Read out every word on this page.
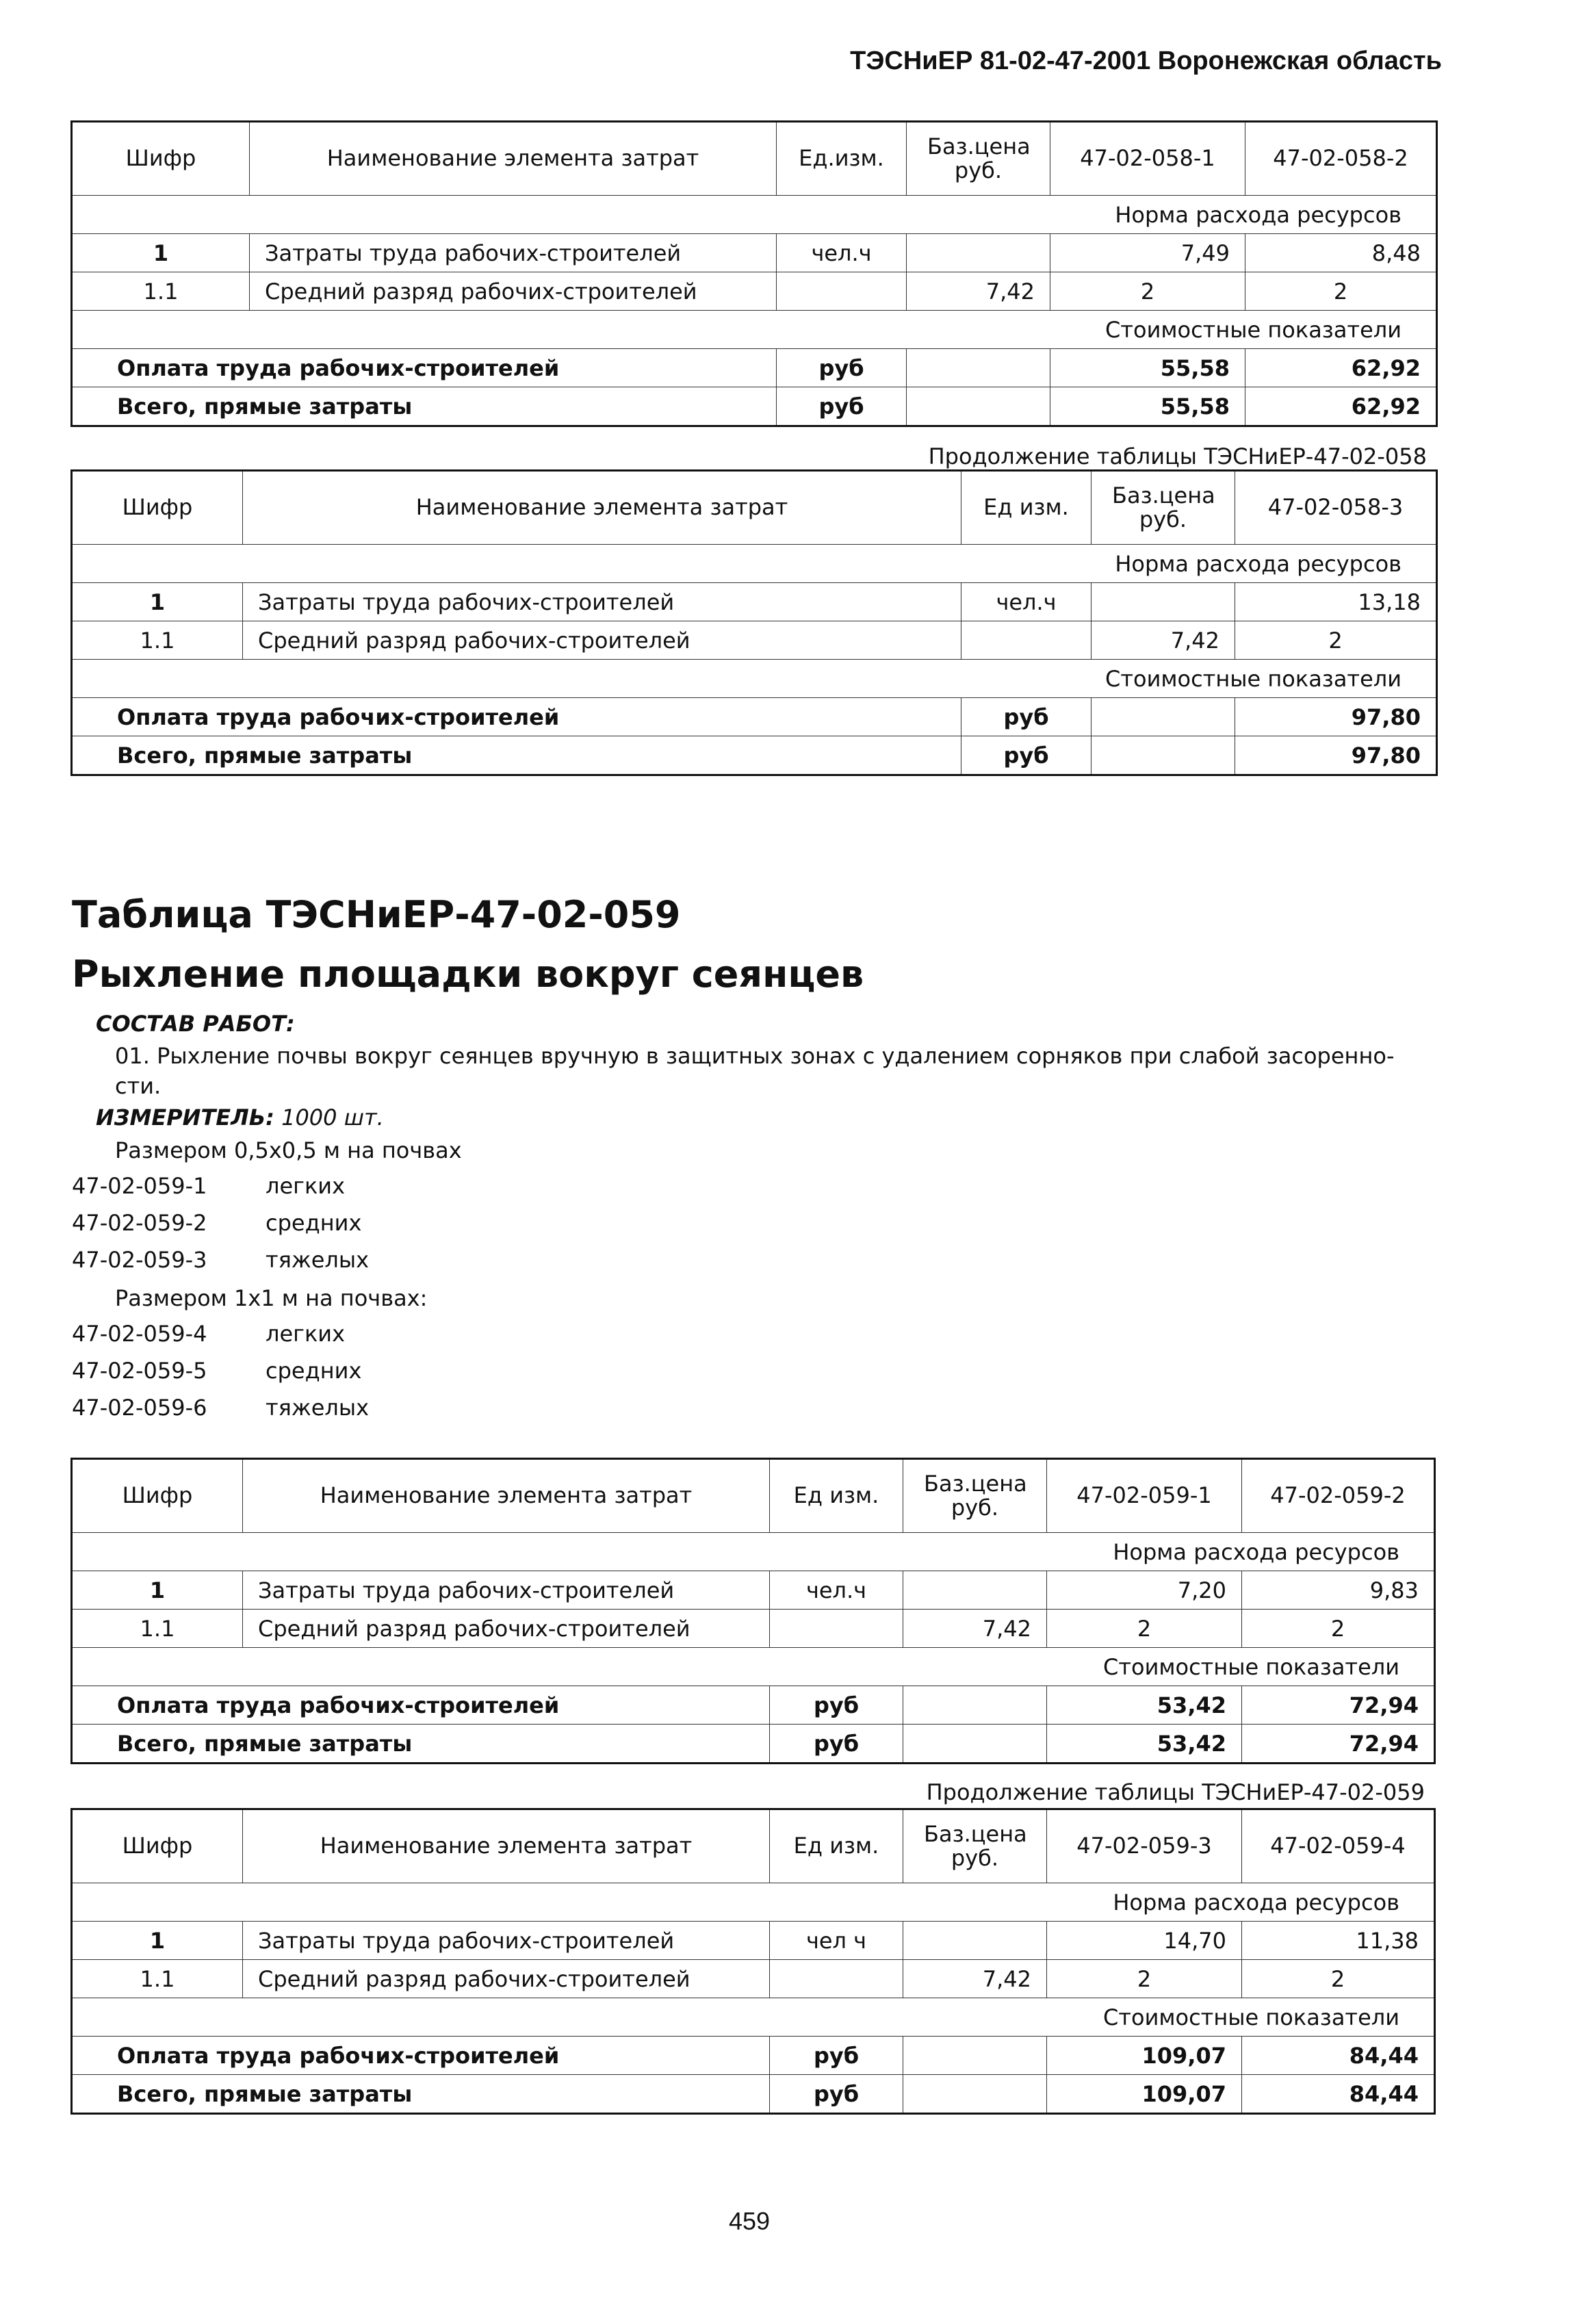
ТЭСНиЕР 81-02-47-2001 Воронежская область
Шифр	Наименование элемента затрат	Ед.изм.	Баз.цена руб.	47-02-058-1	47-02-058-2
Норма расхода ресурсов					
1	Затраты труда рабочих-строителей	чел.ч		7,49	8,48
1.1	Средний разряд рабочих-строителей		7,42	2	2
Стоимостные показатели					
Оплата труда рабочих-строителей		руб		55,58	62,92
Всего, прямые затраты		руб		55,58	62,92
Продолжение таблицы ТЭСНиЕР-47-02-058
Шифр	Наименование элемента затрат	Ед изм.	Баз.цена руб.	47-02-058-3
Норма расхода ресурсов				
1	Затраты труда рабочих-строителей	чел.ч		13,18
1.1	Средний разряд рабочих-строителей		7,42	2
Стоимостные показатели				
Оплата труда рабочих-строителей		руб		97,80
Всего, прямые затраты		руб		97,80
Таблица ТЭСНиЕР-47-02-059
Рыхление площадки вокруг сеянцев
СОСТАВ РАБОТ:
01. Рыхление почвы вокруг сеянцев вручную в защитных зонах с удалением сорняков при слабой засоренно-
сти.
ИЗМЕРИТЕЛЬ: 1000 шт.
Размером 0,5х0,5 м на почвах
47-02-059-1	легких
47-02-059-2	средних
47-02-059-3	тяжелых
Размером 1х1 м на почвах:
47-02-059-4	легких
47-02-059-5	средних
47-02-059-6	тяжелых
Шифр	Наименование элемента затрат	Ед изм.	Баз.цена руб.	47-02-059-1	47-02-059-2
Норма расхода ресурсов					
1	Затраты труда рабочих-строителей	чел.ч		7,20	9,83
1.1	Средний разряд рабочих-строителей		7,42	2	2
Стоимостные показатели					
Оплата труда рабочих-строителей		руб		53,42	72,94
Всего, прямые затраты		руб		53,42	72,94
Продолжение таблицы ТЭСНиЕР-47-02-059
Шифр	Наименование элемента затрат	Ед изм.	Баз.цена руб.	47-02-059-3	47-02-059-4
Норма расхода ресурсов					
1	Затраты труда рабочих-строителей	чел ч		14,70	11,38
1.1	Средний разряд рабочих-строителей		7,42	2	2
Стоимостные показатели					
Оплата труда рабочих-строителей		руб		109,07	84,44
Всего, прямые затраты		руб		109,07	84,44
459
